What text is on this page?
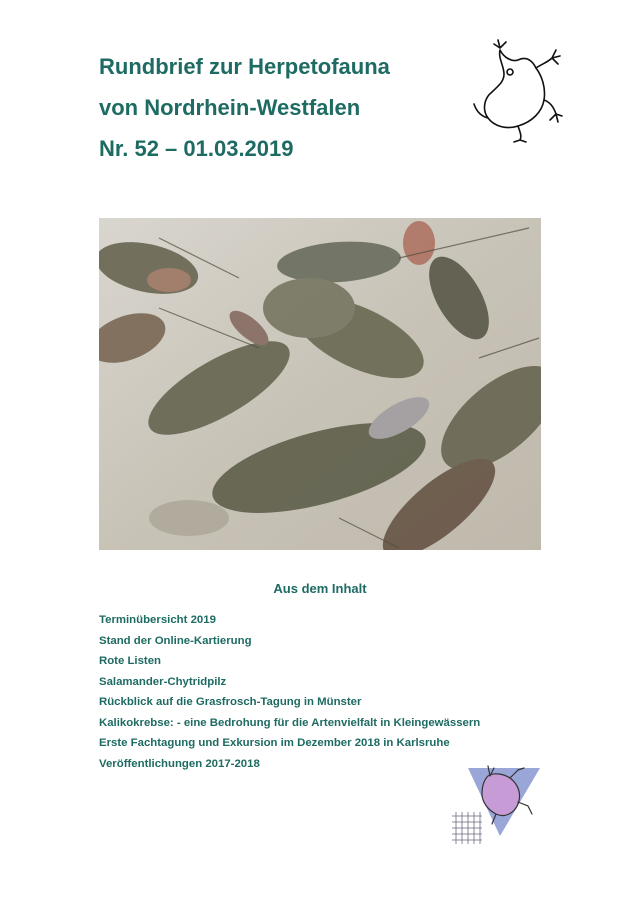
Rundbrief zur Herpetofauna
von Nordrhein-Westfalen
Nr. 52 – 01.03.2019
Aus dem Inhalt
Terminübersicht 2019
Stand der Online-Kartierung
Rote Listen
Salamander-Chytridpilz
Rückblick auf die Grasfrosch-Tagung in Münster
Kalikokrebse: - eine Bedrohung für die Artenvielfalt in Kleingewässern
Erste Fachtagung und Exkursion im Dezember 2018 in Karlsruhe
Veröffentlichungen 2017-2018
